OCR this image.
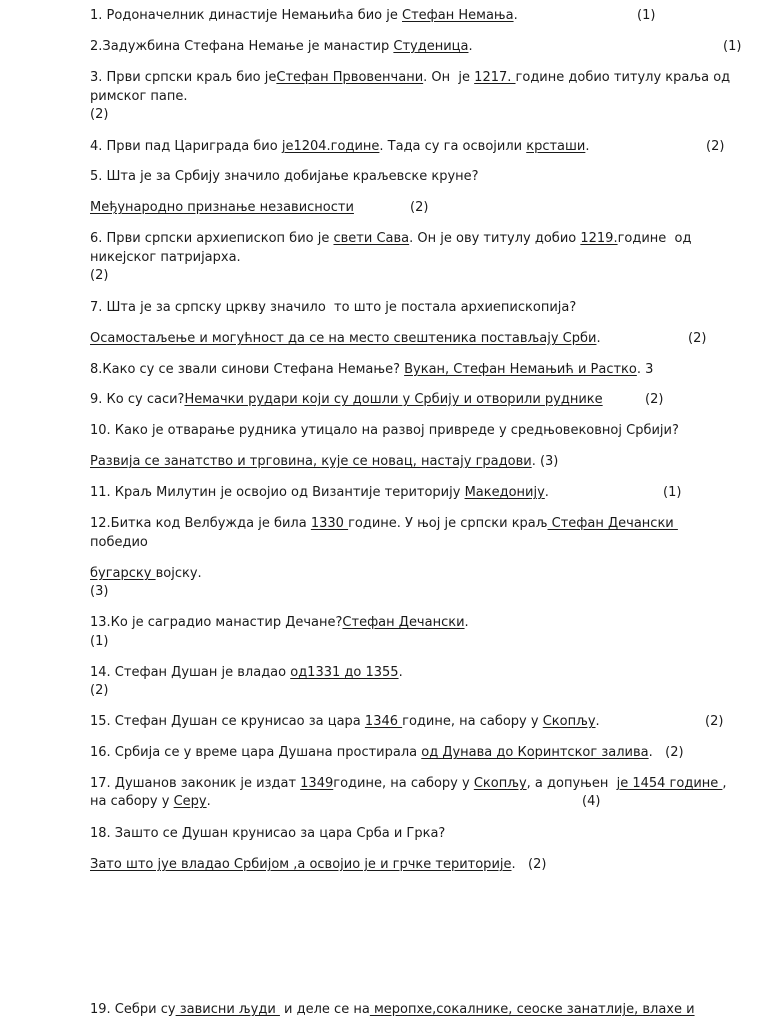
1. Родоначелник династије Немањића био је Стефан Немања.	(1)
2.Задужбина Стефана Немање је манастир Студеница.	(1)
3. Први српски краљ био јеСтефан Првовенчани. Он  је 1217. године добио титулу краља од
римског папе.
(2)
4. Први пад Цариграда био је1204.године. Тада су га освојили крсташи.	(2)
5. Шта је за Србију значило добијање краљевске круне?
Међународно признање независности	(2)
6. Први српски архиепископ био је свети Сава. Он је ову титулу добио 1219.године  од
никејског патријарха.
(2)
7. Шта је за српску цркву значило  то што је постала архиепископија?
Осамостаљење и могућност да се на место свештеника постављају Срби.	(2)
8.Како су се звали синови Стефана Немање? Вукан, Стефан Немањић и Растко. 3
9. Ко су саси?Немачки рудари који су дошли у Србију и отворили руднике	(2)
10. Како је отварање рудника утицало на развој привреде у средњовековној Србији?
Развија се занатство и трговина, кује се новац, настају градови. (3)
11. Краљ Милутин је освојио од Византије територију Македонију.	(1)
12.Битка код Велбужда је била 1330 године. У њој је српски краљ Стефан Дечански
победио
бугарску војску.
(3)
13.Ко је саградио манастир Дечане?Стефан Дечански.
(1)
14. Стефан Душан је владао од1331 до 1355.
(2)
15. Стефан Душан се крунисао за цара 1346 године, на сабору у Скопљу.	(2)
16. Србија се у време цара Душана простирала од Дунава до Коринтског залива.   (2)
17. Душанов законик је издат 1349године, на сабору у Скопљу, а допуњен  је 1454 године ,
на сабору у Серу.	(4)
18. Зашто се Душан крунисао за цара Срба и Грка?
Зато што јуе владао Србијом ,а освојио је и грчке територије.   (2)
19. Себри су зависни људи  и деле се на меропхе,сокалнике, сеоске занатлије, влахе и
